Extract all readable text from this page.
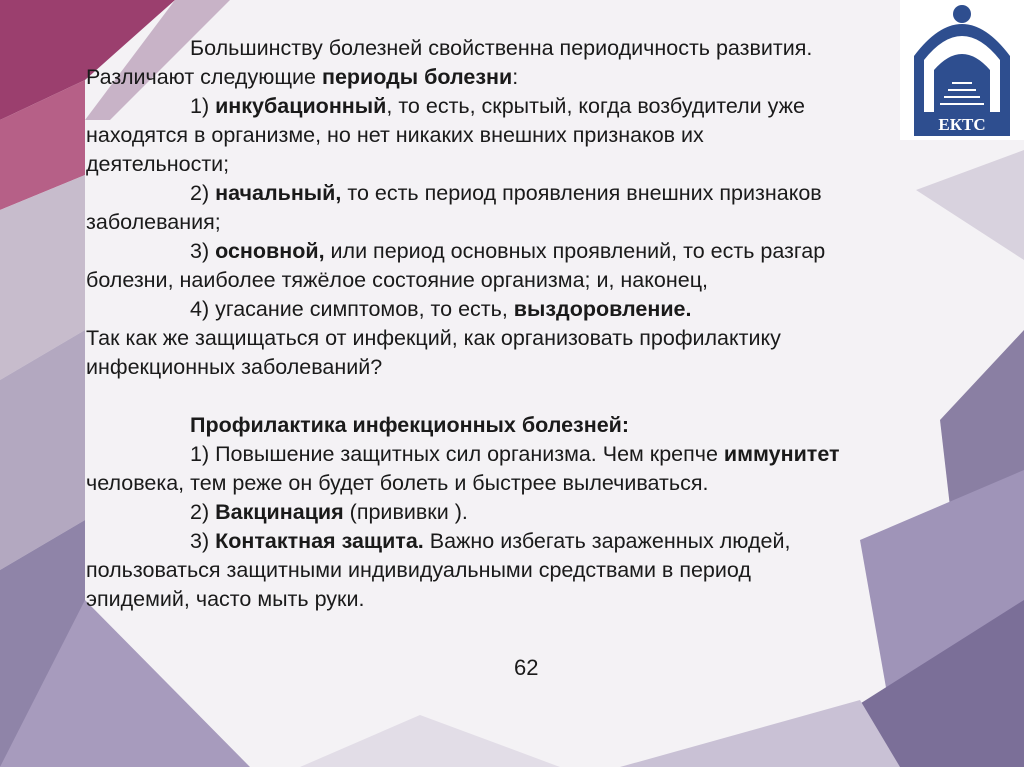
ЕКТС
Большинству болезней свойственна периодичность развития.
Различают следующие периоды болезни:
1) инкубационный, то есть, скрытый, когда возбудители уже
находятся в организме, но нет никаких внешних признаков их
деятельности;
2) начальный, то есть период проявления внешних признаков
заболевания;
3) основной, или период основных проявлений, то есть разгар
болезни, наиболее тяжёлое состояние организма; и, наконец,
4) угасание симптомов, то есть, выздоровление.
Так как же защищаться от инфекций, как организовать профилактику
инфекционных заболеваний?
Профилактика инфекционных болезней:
1) Повышение защитных сил организма. Чем крепче иммунитет
человека, тем реже он будет болеть и быстрее вылечиваться.
2) Вакцинация (прививки ).
3) Контактная защита. Важно избегать зараженных людей,
пользоваться защитными индивидуальными средствами в период
эпидемий, часто мыть руки.
62
